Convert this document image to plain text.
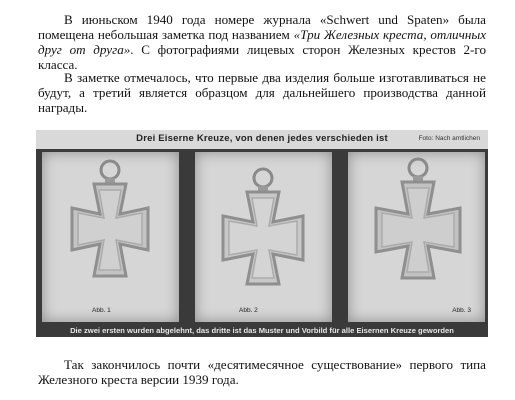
В июньском 1940 года номере журнала «Schwert und Spaten» была помещена небольшая заметка под названием «Три Железных креста, отличных друг от друга». С фотографиями лицевых сторон Железных крестов 2-го класса.

В заметке отмечалось, что первые два изделия больше изготавливаться не будут, а третий является образцом для дальнейшего производства данной награды.

Drei Eiserne Kreuze, von denen jedes verschieden ist	Foto: Nach amtlichen
Abb. 1	Abb. 2	Abb. 3
Die zwei ersten wurden abgelehnt, das dritte ist das Muster und Vorbild für alle Eisernen Kreuze geworden

Так закончилось почти «десятимесячное существование» первого типа Железного креста версии 1939 года.
